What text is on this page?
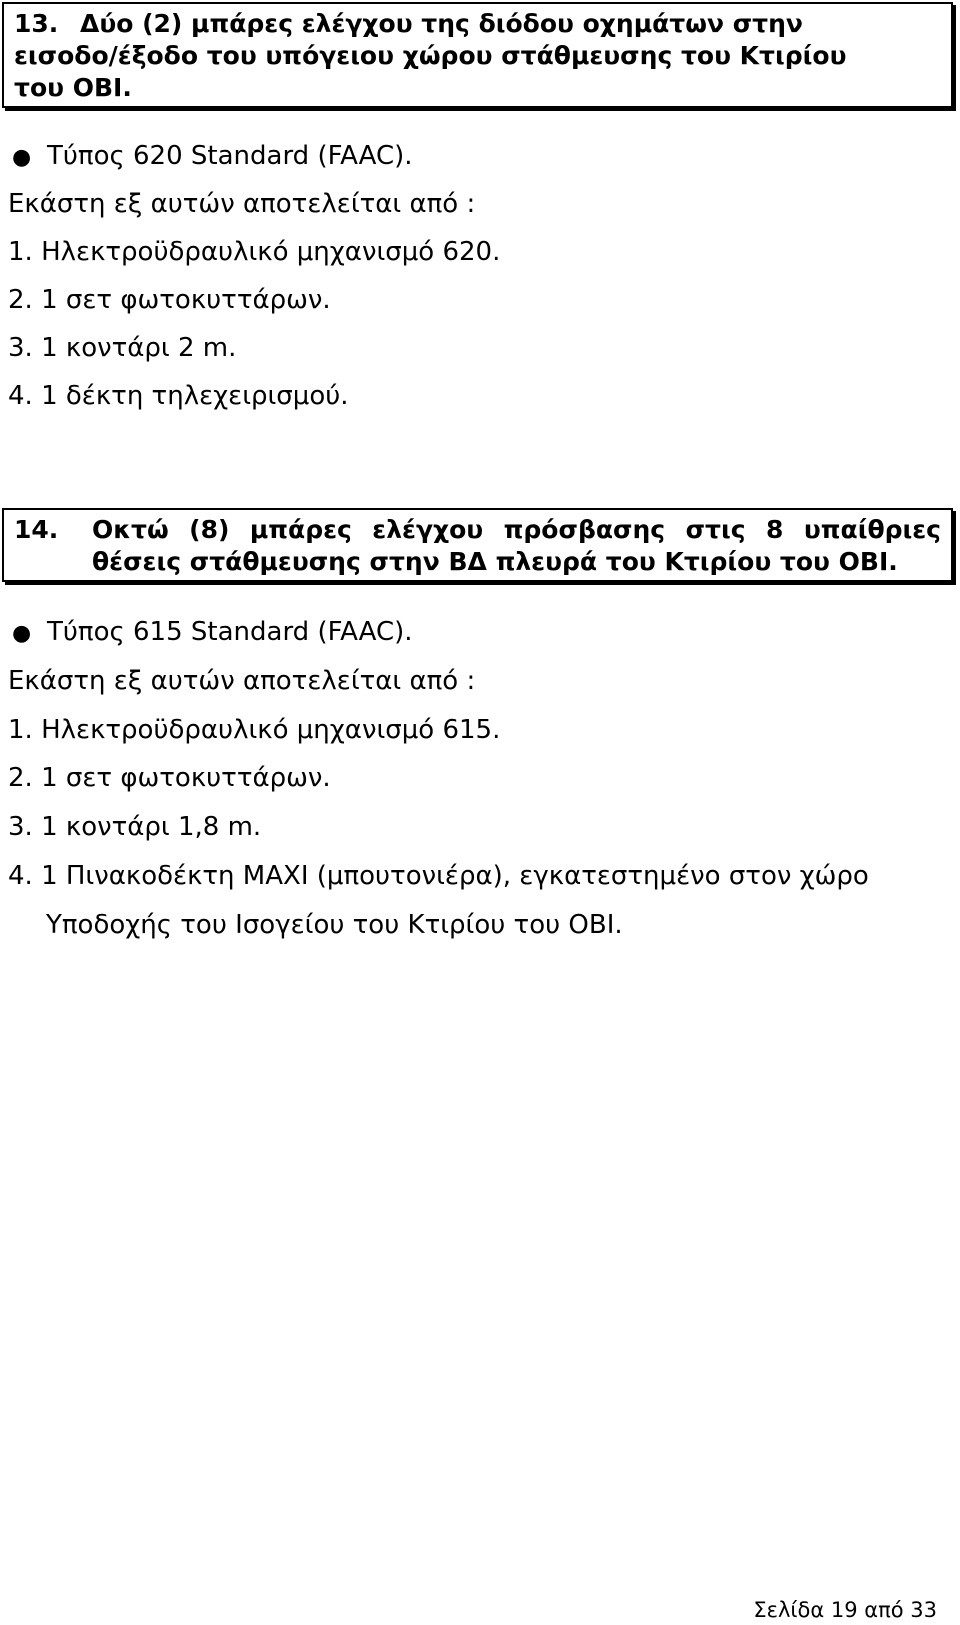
13. Δύο (2) μπάρες ελέγχου της διόδου οχημάτων στην
εισοδο/έξοδο του υπόγειου χώρου στάθμευσης του Κτιρίου
του ΟΒΙ.
● Τύπος 620 Standard (FAAC).
Εκάστη εξ αυτών αποτελείται από :
1. Ηλεκτροϋδραυλικό μηχανισμό 620.
2. 1 σετ φωτοκυττάρων.
3. 1 κοντάρι 2 m.
4. 1 δέκτη τηλεχειρισμού.
14.	Οκτώ (8) μπάρες ελέγχου πρόσβασης στις 8 υπαίθριες
θέσεις στάθμευσης στην ΒΔ πλευρά του Κτιρίου του ΟΒΙ.
● Τύπος 615 Standard (FAAC).
Εκάστη εξ αυτών αποτελείται από :
1. Ηλεκτροϋδραυλικό μηχανισμό 615.
2. 1 σετ φωτοκυττάρων.
3. 1 κοντάρι 1,8 m.
4. 1 Πινακοδέκτη MAXI (μπουτονιέρα), εγκατεστημένο στον χώρο
Υποδοχής του Ισογείου του Κτιρίου του ΟΒΙ.
Σελίδα 19 από 33
